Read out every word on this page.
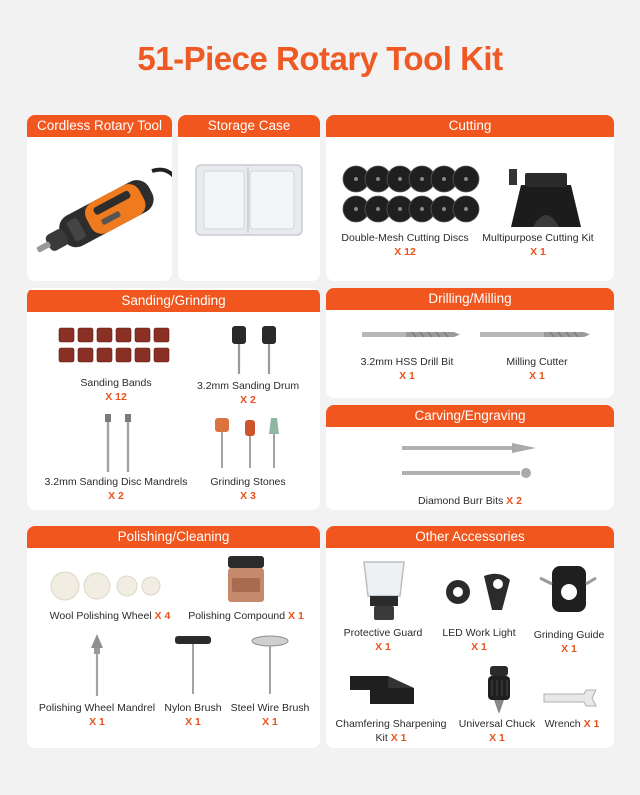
51-Piece Rotary Tool Kit
Cordless Rotary Tool	Storage Case	Cutting
Double-Mesh Cutting Discs
X 12
Multipurpose Cutting Kit
X 1
Sanding/Grinding
Sanding Bands
X 12
3.2mm Sanding Drum
X 2
3.2mm Sanding Disc Mandrels
X 2
Grinding Stones
X 3
Drilling/Milling
3.2mm HSS Drill Bit
X 1
Milling Cutter
X 1
Carving/Engraving
Diamond Burr Bits X 2
Polishing/Cleaning
Wool Polishing Wheel X 4	Polishing Compound X 1
Polishing Wheel Mandrel
X 1
Nylon Brush
X 1
Steel Wire Brush
X 1
Other Accessories
Protective Guard
X 1
LED Work Light
X 1
Grinding Guide
X 1
Chamfering Sharpening
Kit X 1
Universal Chuck
X 1
Wrench X 1
